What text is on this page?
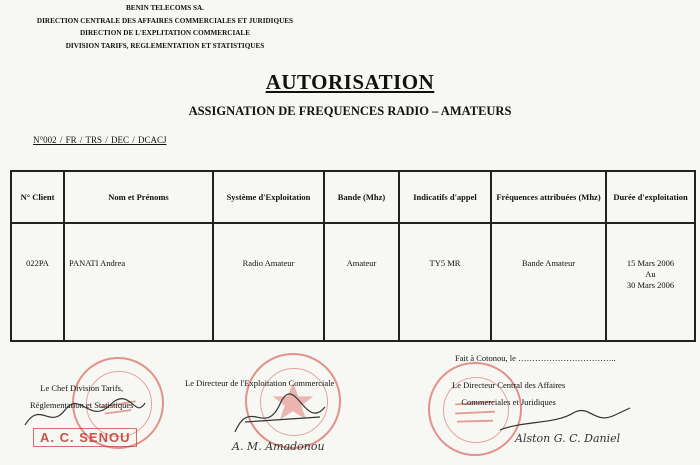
BENIN TELECOMS SA.
DIRECTION CENTRALE DES AFFAIRES COMMERCIALES ET JURIDIQUES
DIRECTION DE L'EXPLITATION COMMERCIALE
DIVISION TARIFS, REGLEMENTATION ET STATISTIQUES
AUTORISATION
ASSIGNATION DE FREQUENCES RADIO – AMATEURS
N°002 / FR / TRS / DEC / DCACJ
N° Client	Nom et Prénoms	Système d'Exploitation	Bande (Mhz)	Indicatifs d'appel	Fréquences attribuées (Mhz)	Durée d'exploitation
022PA	PANATI Andrea	Radio Amateur	Amateur	TY5 MR	Bande Amateur	15 Mars 2006
Au
30 Mars 2006
Fait à Cotonou, le ……………………………..
Le Chef Division Tarifs,
Réglementation et Statistiques
Le Directeur de l'Exploitation Commerciale	Le Directeur Central des Affaires
Commerciales et Juridiques
A. C. SENOU
A. M. Amadonou
Alston G. C. Daniel
